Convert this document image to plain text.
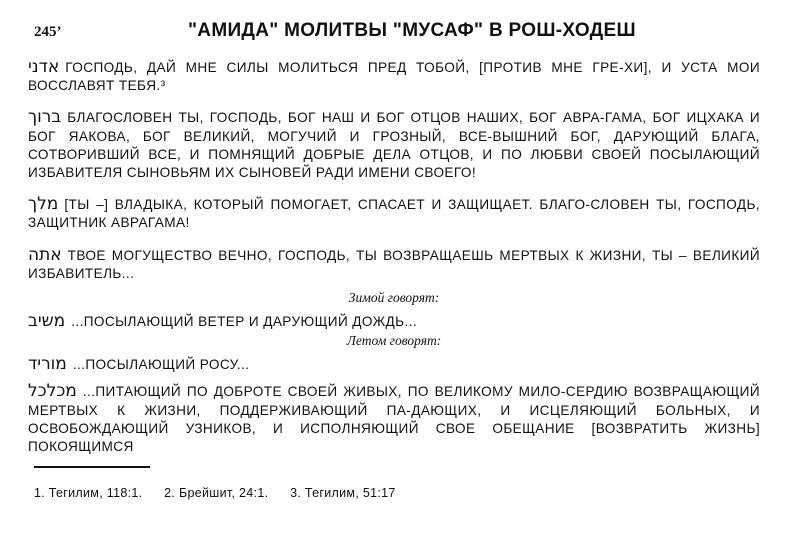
245’	"АМИДА" МОЛИТВЫ "МУСАФ" В РОШ-ХОДЕШ

אדני ГОСПОДЬ, ДАЙ МНЕ СИЛЫ МОЛИТЬСЯ ПРЕД ТОБОЙ, [ПРОТИВ МНЕ ГРЕ-ХИ], И УСТА МОИ ВОССЛАВЯТ ТЕБЯ.³

ברוך БЛАГОСЛОВЕН ТЫ, ГОСПОДЬ, БОГ НАШ И БОГ ОТЦОВ НАШИХ, БОГ АВРА-ГАМА, БОГ ИЦХАКА И БОГ ЯАКОВА, БОГ ВЕЛИКИЙ, МОГУЧИЙ И ГРОЗНЫЙ, ВСЕ-ВЫШНИЙ БОГ, ДАРУЮЩИЙ БЛАГА, СОТВОРИВШИЙ ВСЕ, И ПОМНЯЩИЙ ДОБРЫЕ ДЕЛА ОТЦОВ, И ПО ЛЮБВИ СВОЕЙ ПОСЫЛАЮЩИЙ ИЗБАВИТЕЛЯ СЫНОВЬЯМ ИХ СЫНОВЕЙ РАДИ ИМЕНИ СВОЕГО!

מלך [ТЫ –] ВЛАДЫКА, КОТОРЫЙ ПОМОГАЕТ, СПАСАЕТ И ЗАЩИЩАЕТ. БЛАГО-СЛОВЕН ТЫ, ГОСПОДЬ, ЗАЩИТНИК АВРАГАМА!

אתה ТВОЕ МОГУЩЕСТВО ВЕЧНО, ГОСПОДЬ, ТЫ ВОЗВРАЩАЕШЬ МЕРТВЫХ К ЖИЗНИ, ТЫ – ВЕЛИКИЙ ИЗБАВИТЕЛЬ...

Зимой говорят:

משיב ...ПОСЫЛАЮЩИЙ ВЕТЕР И ДАРУЮЩИЙ ДОЖДЬ...

Летом говорят:

מוריד ...ПОСЫЛАЮЩИЙ РОСУ...

מכלכל ...ПИТАЮЩИЙ ПО ДОБРОТЕ СВОЕЙ ЖИВЫХ, ПО ВЕЛИКОМУ МИЛО-СЕРДИЮ ВОЗВРАЩАЮЩИЙ МЕРТВЫХ К ЖИЗНИ, ПОДДЕРЖИВАЮЩИЙ ПА-ДАЮЩИХ, И ИСЦЕЛЯЮЩИЙ БОЛЬНЫХ, И ОСВОБОЖДАЮЩИЙ УЗНИКОВ, И ИСПОЛНЯЮЩИЙ СВОЕ ОБЕЩАНИЕ [ВОЗВРАТИТЬ ЖИЗНЬ] ПОКОЯЩИМСЯ

1. Тегилим, 118:1. 2. Брейшит, 24:1. 3. Тегилим, 51:17
